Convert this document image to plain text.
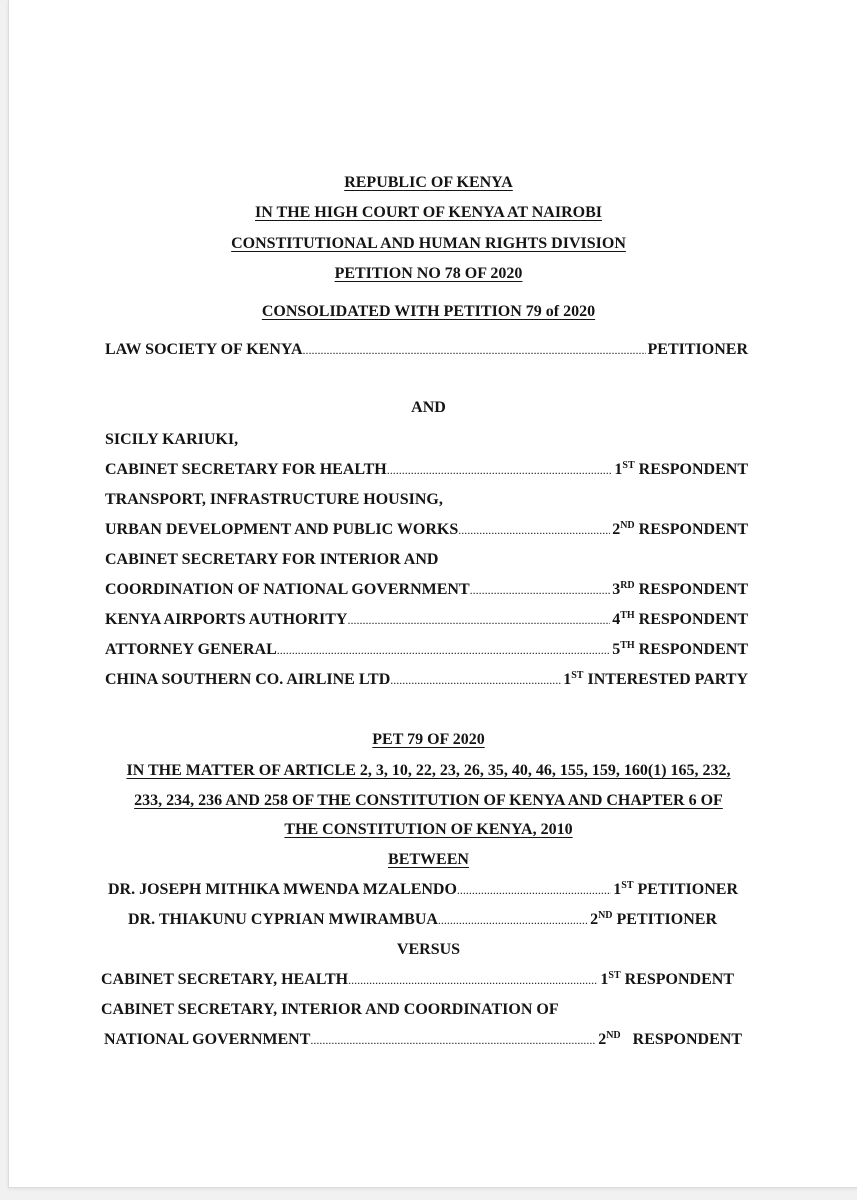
REPUBLIC OF KENYA
IN THE HIGH COURT OF KENYA AT NAIROBI
CONSTITUTIONAL AND HUMAN RIGHTS DIVISION
PETITION NO 78 OF 2020
CONSOLIDATED WITH PETITION 79 of 2020
LAW SOCIETY OF KENYA .....	PETITIONER
AND
SICILY KARIUKI,
CABINET SECRETARY FOR HEALTH .....	1ST RESPONDENT
TRANSPORT, INFRASTRUCTURE HOUSING,
URBAN DEVELOPMENT AND PUBLIC WORKS .....	2ND RESPONDENT
CABINET SECRETARY FOR INTERIOR AND
COORDINATION OF NATIONAL GOVERNMENT .....	3RD RESPONDENT
KENYA AIRPORTS AUTHORITY .....	4TH RESPONDENT
ATTORNEY GENERAL .....	5TH RESPONDENT
CHINA SOUTHERN CO. AIRLINE LTD .....	1ST INTERESTED PARTY
PET 79 OF 2020
IN THE MATTER OF ARTICLE 2, 3, 10, 22, 23, 26, 35, 40, 46, 155, 159, 160(1) 165, 232,
233, 234, 236 AND 258 OF THE CONSTITUTION OF KENYA AND CHAPTER 6 OF
THE CONSTITUTION OF KENYA, 2010
BETWEEN
DR. JOSEPH MITHIKA MWENDA MZALENDO .....	1ST PETITIONER
DR. THIAKUNU CYPRIAN MWIRAMBUA .....	2ND PETITIONER
VERSUS
CABINET SECRETARY, HEALTH .....	1ST RESPONDENT
CABINET SECRETARY, INTERIOR AND COORDINATION OF
NATIONAL GOVERNMENT .....	2ND RESPONDENT
